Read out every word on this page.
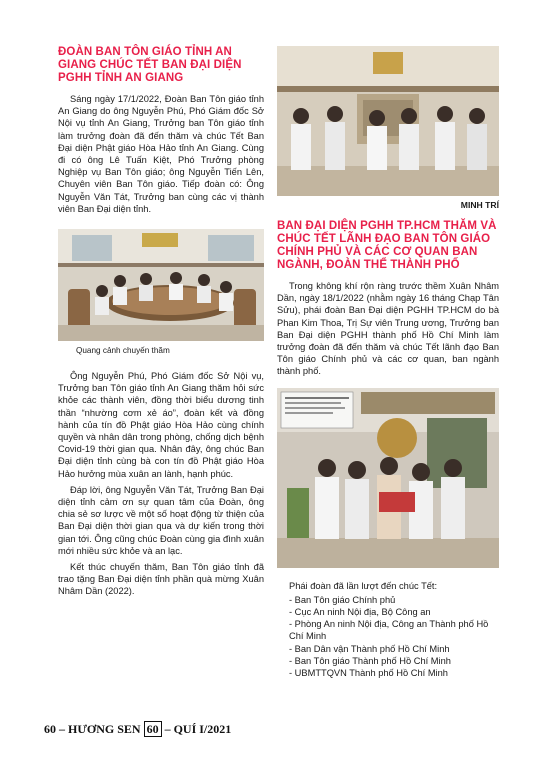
ĐOÀN BAN TÔN GIÁO TỈNH AN GIANG CHÚC TẾT BAN ĐẠI DIỆN PGHH TỈNH AN GIANG

Sáng ngày 17/1/2022, Đoàn Ban Tôn giáo tỉnh An Giang do ông Nguyễn Phú, Phó Giám đốc Sở Nội vụ tỉnh An Giang, Trưởng ban Tôn giáo tỉnh làm trưởng đoàn đã đến thăm và chúc Tết Ban Đại diện Phật giáo Hòa Hảo tỉnh An Giang. Cùng đi có ông Lê Tuấn Kiệt, Phó Trưởng phòng Nghiệp vụ Ban Tôn giáo; ông Nguyễn Tiến Lên, Chuyên viên Ban Tôn giáo. Tiếp đoàn có: Ông Nguyễn Văn Tát, Trưởng ban cùng các vị thành viên Ban Đại diện tỉnh.

Quang cảnh chuyến thăm

Ông Nguyễn Phú, Phó Giám đốc Sở Nội vụ, Trưởng ban Tôn giáo tỉnh An Giang thăm hỏi sức khỏe các thành viên, đồng thời biểu dương tinh thần “nhường cơm xẻ áo”, đoàn kết và đồng hành của tín đồ Phật giáo Hòa Hảo cùng chính quyền và nhân dân trong phòng, chống dịch bệnh Covid-19 thời gian qua. Nhân đây, ông chúc Ban Đại diện tỉnh cùng bà con tín đồ Phật giáo Hòa Hảo hưởng mùa xuân an lành, hạnh phúc.

Đáp lời, ông Nguyễn Văn Tát, Trưởng Ban Đại diện tỉnh cảm ơn sự quan tâm của Đoàn, ông chia sẻ sơ lược về một số hoạt động từ thiện của Ban Đại diện thời gian qua và dự kiến trong thời gian tới. Ông cũng chúc Đoàn cùng gia đình xuân mới nhiều sức khỏe và an lạc.

Kết thúc chuyến thăm, Ban Tôn giáo tỉnh đã trao tặng Ban Đại diện tỉnh phần quà mừng Xuân Nhâm Dần (2022).

MINH TRÍ

BAN ĐẠI DIỆN PGHH TP.HCM THĂM VÀ CHÚC TẾT LÃNH ĐẠO BAN TÔN GIÁO CHÍNH PHỦ VÀ CÁC CƠ QUAN BAN NGÀNH, ĐOÀN THỂ THÀNH PHỐ

Trong không khí rộn ràng trước thềm Xuân Nhâm Dần, ngày 18/1/2022 (nhằm ngày 16 tháng Chạp Tân Sửu), phái đoàn Ban Đại diện PGHH TP.HCM do bà Phan Kim Thoa, Trị Sự viên Trung ương, Trưởng ban Ban Đại diện PGHH thành phố Hồ Chí Minh làm trưởng đoàn đã đến thăm và chúc Tết lãnh đạo Ban Tôn giáo Chính phủ và các cơ quan, ban ngành thành phố.

Phái đoàn đã lần lượt đến chúc Tết:

- Ban Tôn giáo Chính phủ
- Cục An ninh Nội địa, Bộ Công an
- Phòng An ninh Nội địa, Công an Thành phố Hồ Chí Minh
- Ban Dân vận Thành phố Hồ Chí Minh
- Ban Tôn giáo Thành phố Hồ Chí Minh
- UBMTTQVN Thành phố Hồ Chí Minh
60 – HƯƠNG SEN 60 – QUÍ I/2021
